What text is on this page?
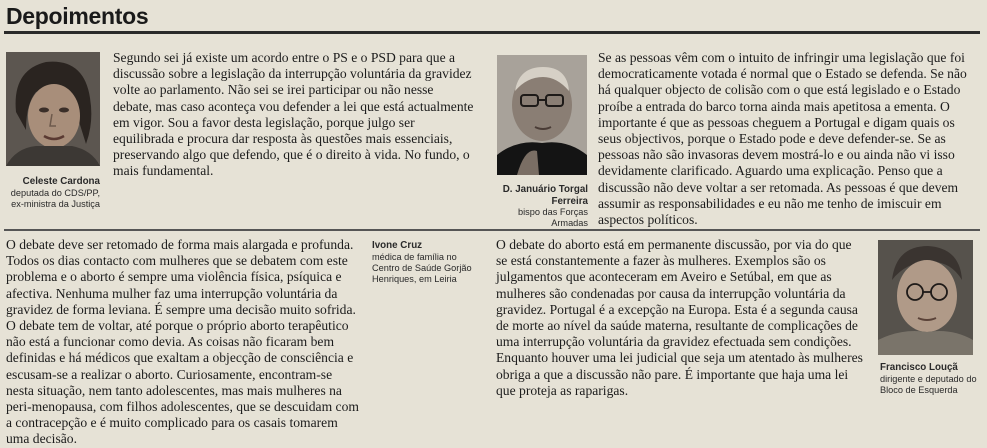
Depoimentos
Celeste Cardona
deputada do CDS/PP,
ex-ministra da Justiça

Segundo sei já existe um acordo entre o PS e o PSD para que a discussão sobre a legislação da interrupção voluntária da gravidez volte ao parlamento. Não sei se irei participar ou não nesse debate, mas caso aconteça vou defender a lei que está actualmente em vigor. Sou a favor desta legislação, porque julgo ser equilibrada e procura dar resposta às questões mais essenciais, preservando algo que defendo, que é o direito à vida. No fundo, o mais fundamental.

D. Januário Torgal Ferreira
bispo das Forças
Armadas

Se as pessoas vêm com o intuito de infringir uma legislação que foi democraticamente votada é normal que o Estado se defenda. Se não há qualquer objecto de colisão com o que está legislado e o Estado proíbe a entrada do barco torna ainda mais apetitosa a ementa. O importante é que as pessoas cheguem a Portugal e digam quais os seus objectivos, porque o Estado pode e deve defender-se. Se as pessoas não são invasoras devem mostrá-lo e ou ainda não vi isso devidamente clarificado. Aguardo uma explicação. Penso que a discussão não deve voltar a ser retomada. As pessoas é que devem assumir as responsabilidades e eu não me tenho de imiscuir em aspectos políticos.

O debate deve ser retomado de forma mais alargada e profunda. Todos os dias contacto com mulheres que se debatem com este problema e o aborto é sempre uma violência física, psíquica e afectiva. Nenhuma mulher faz uma interrupção voluntária da gravidez de forma leviana. É sempre uma decisão muito sofrida. O debate tem de voltar, até porque o próprio aborto terapêutico não está a funcionar como devia. As coisas não ficaram bem definidas e há médicos que exaltam a objecção de consciência e escusam-se a realizar o aborto. Curiosamente, encontram-se nesta situação, nem tanto adolescentes, mas mais mulheres na peri-menopausa, com filhos adolescentes, que se descuidam com a contracepção e é muito complicado para os casais tomarem uma decisão.

Ivone Cruz
médica de família no
Centro de Saúde Gorjão
Henriques, em Leiria

O debate do aborto está em permanente discussão, por via do que se está constantemente a fazer às mulheres. Exemplos são os julgamentos que aconteceram em Aveiro e Setúbal, em que as mulheres são condenadas por causa da interrupção voluntária da gravidez. Portugal é a excepção na Europa. Esta é a segunda causa de morte ao nível da saúde materna, resultante de complicações de uma interrupção voluntária da gravidez efectuada sem condições. Enquanto houver uma lei judicial que seja um atentado às mulheres obriga a que a discussão não pare. É importante que haja uma lei que proteja as raparigas.

Francisco Louçã
dirigente e deputado do
Bloco de Esquerda
